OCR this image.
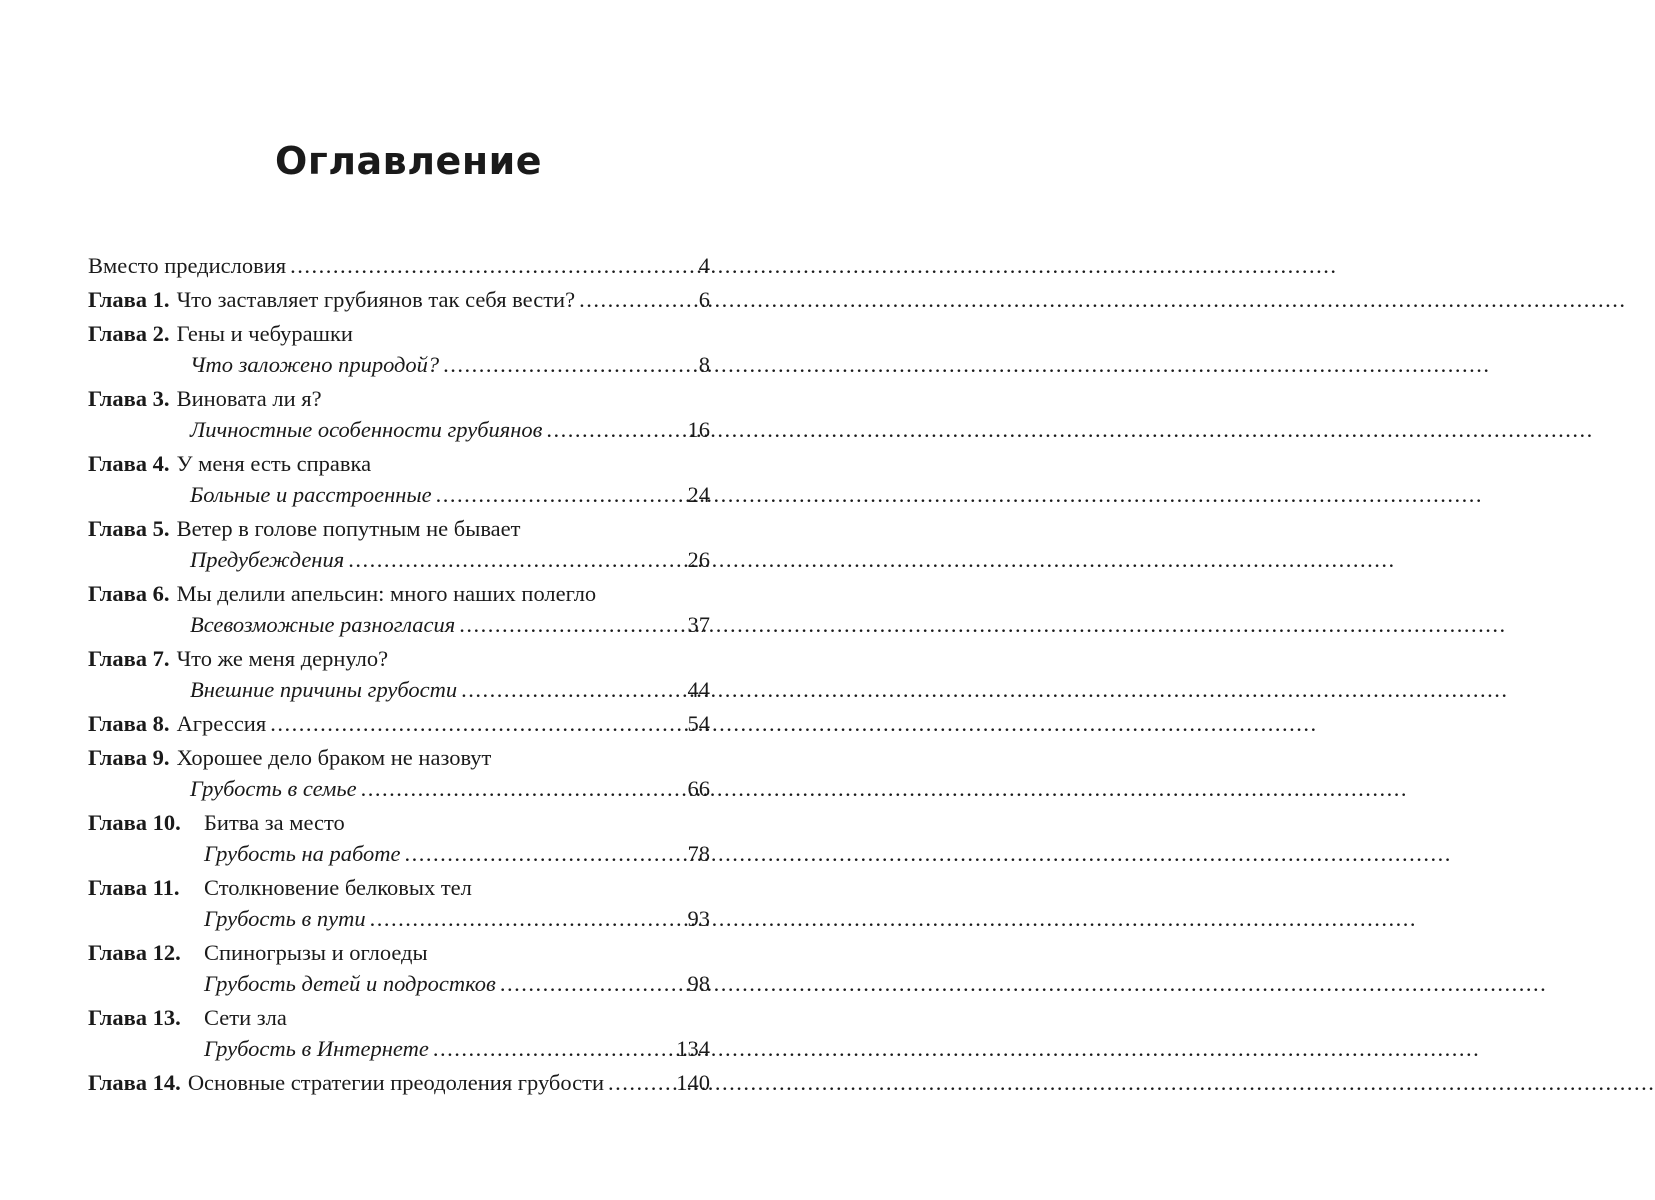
Оглавление
Вместо предисловия .....	4
Глава 1. Что заставляет грубиянов так себя вести? .....	6
Глава 2. Гены и чебурашки
Что заложено природой? .....	8
Глава 3. Виновата ли я?
Личностные особенности грубиянов .....	16
Глава 4. У меня есть справка
Больные и расстроенные .....	24
Глава 5. Ветер в голове попутным не бывает
Предубеждения .....	26
Глава 6. Мы делили апельсин: много наших полегло
Всевозможные разногласия .....	37
Глава 7. Что же меня дернуло?
Внешние причины грубости .....	44
Глава 8. Агрессия .....	54
Глава 9. Хорошее дело браком не назовут
Грубость в семье .....	66
Глава 10.	Битва за место
Грубость на работе .....	78
Глава 11.	Столкновение белковых тел
Грубость в пути .....	93
Глава 12.	Спиногрызы и оглоеды
Грубость детей и подростков .....	98
Глава 13.	Сети зла
Грубость в Интернете .....	134
Глава 14. Основные стратегии преодоления грубости .....	140
